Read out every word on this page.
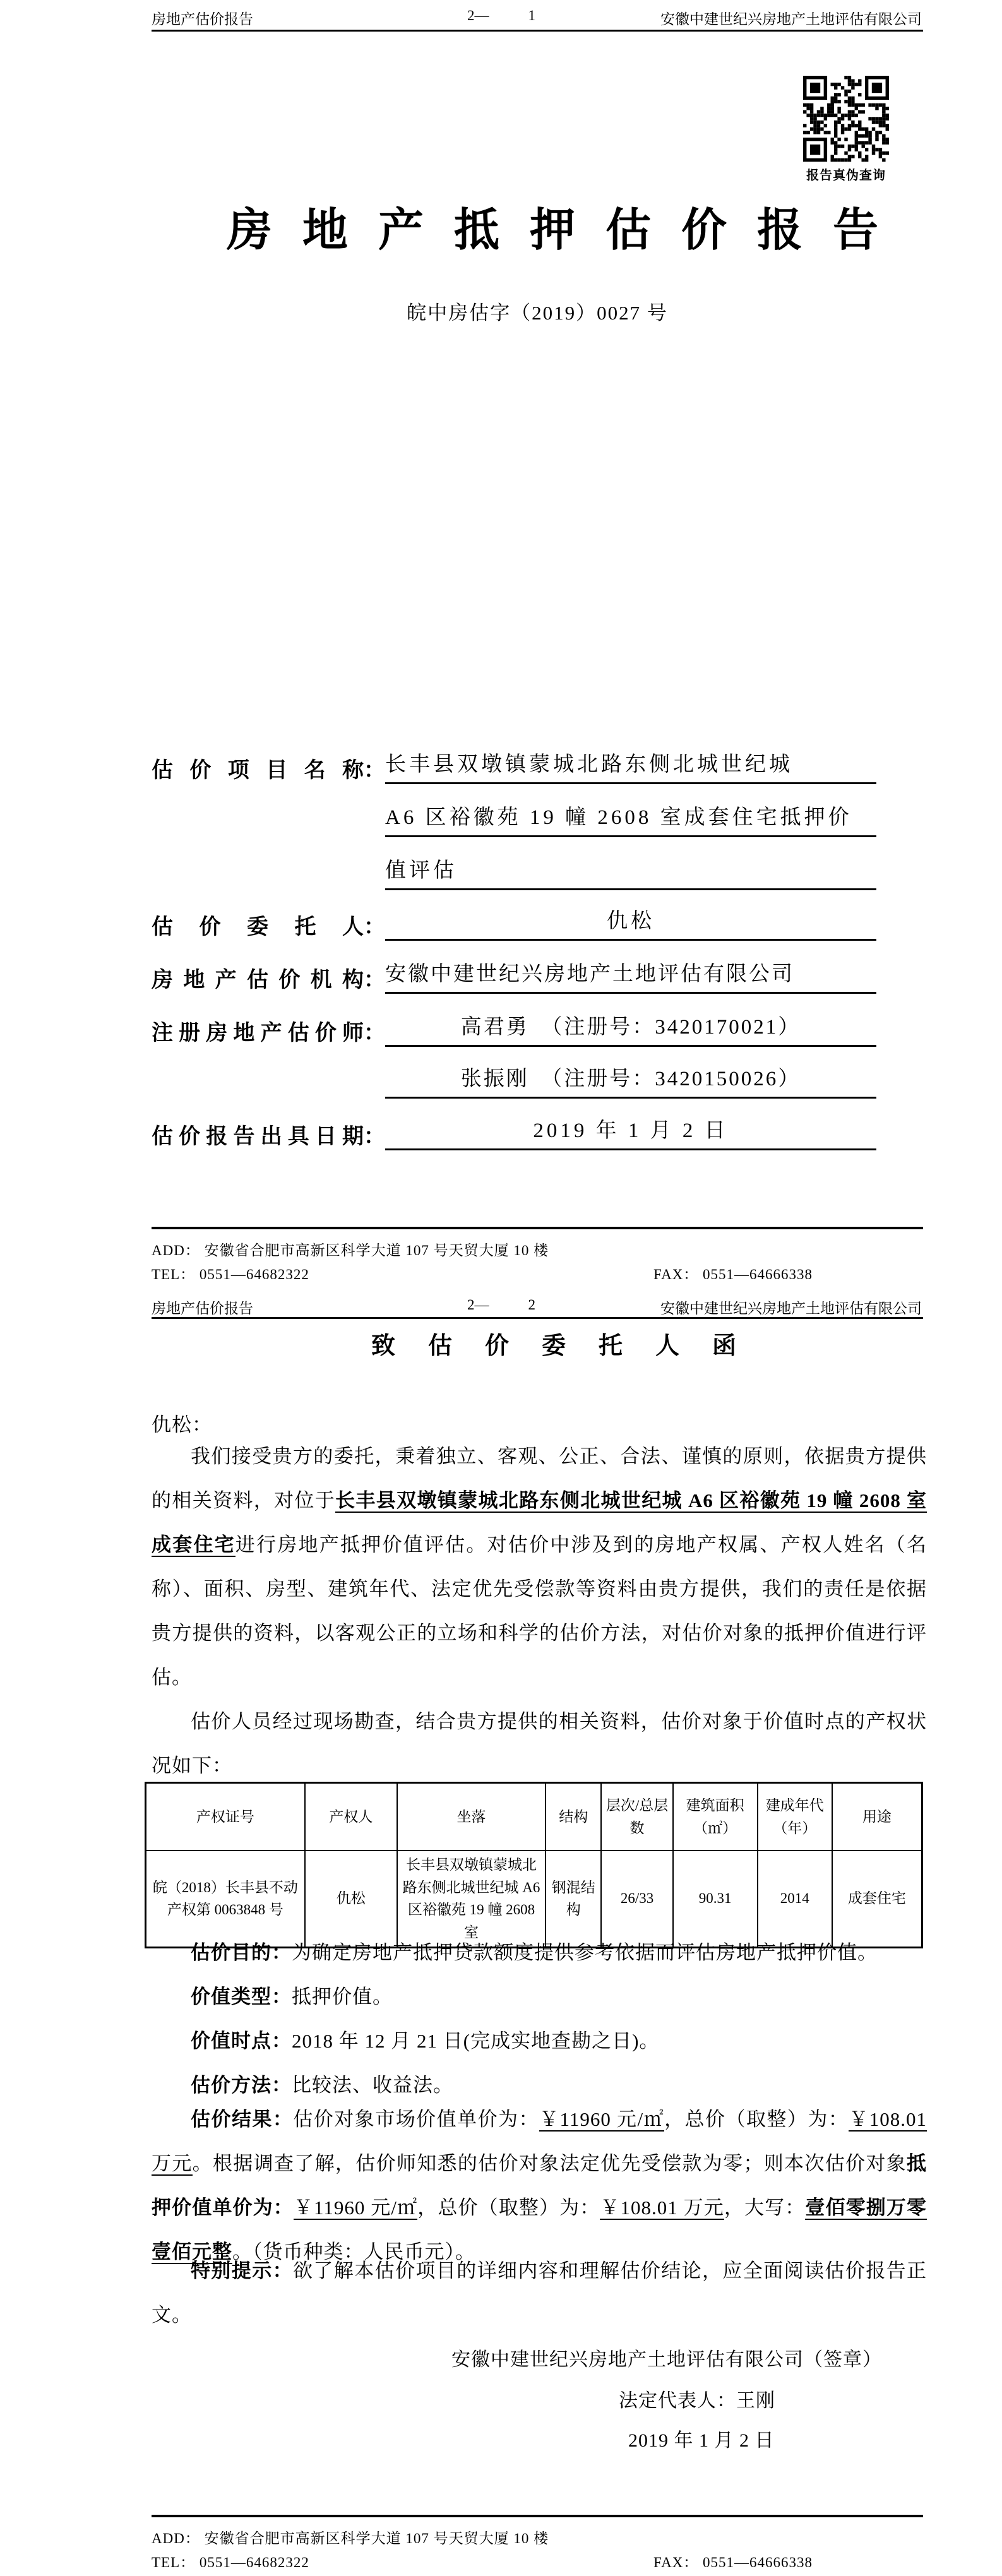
房地产估价报告	2—	1	安徽中建世纪兴房地产土地评估有限公司
报告真伪查询
房地产抵押估价报告
皖中房估字（2019）0027 号
估价项目名称 ： 长丰县双墩镇蒙城北路东侧北城世纪城
A6 区裕徽苑 19 幢 2608 室成套住宅抵押价
值评估
估价委托人 ：	仇松
房地产估价机构 ： 安徽中建世纪兴房地产土地评估有限公司
注册房地产估价师 ：	高君勇　（注册号：3420170021）
张振刚　（注册号：3420150026）
估价报告出具日期 ：	2019 年 1 月 2 日
ADD： 安徽省合肥市高新区科学大道 107 号天贸大厦 10 楼
TEL： 0551—64682322	FAX： 0551—64666338
房地产估价报告	2—	2	安徽中建世纪兴房地产土地评估有限公司
致估价委托人函
仇松：
我们接受贵方的委托，秉着独立、客观、公正、合法、谨慎的原则，依据贵方提供的相关资料，对位于长丰县双墩镇蒙城北路东侧北城世纪城 A6 区裕徽苑 19 幢 2608 室成套住宅进行房地产抵押价值评估。对估价中涉及到的房地产权属、产权人姓名（名称）、面积、房型、建筑年代、法定优先受偿款等资料由贵方提供，我们的责任是依据贵方提供的资料，以客观公正的立场和科学的估价方法，对估价对象的抵押价值进行评估。
估价人员经过现场勘查，结合贵方提供的相关资料，估价对象于价值时点的产权状况如下：
产权证号	产权人	坐落	结构	层次/总层数	建筑面积（㎡）	建成年代（年）	用途
皖（2018）长丰县不动产权第 0063848 号	仇松	长丰县双墩镇蒙城北路东侧北城世纪城 A6 区裕徽苑 19 幢 2608 室	钢混结构	26/33	90.31	2014	成套住宅
估价目的：为确定房地产抵押贷款额度提供参考依据而评估房地产抵押价值。
价值类型：抵押价值。
价值时点：2018 年 12 月 21 日(完成实地查勘之日)。
估价方法：比较法、收益法。
估价结果：估价对象市场价值单价为：￥11960 元/㎡，总价（取整）为：￥108.01万元。根据调查了解，估价师知悉的估价对象法定优先受偿款为零；则本次估价对象抵押价值单价为：￥11960 元/㎡，总价（取整）为：￥108.01 万元，大写：壹佰零捌万零壹佰元整。（货币种类：人民币元）。
特别提示：欲了解本估价项目的详细内容和理解估价结论，应全面阅读估价报告正文。
安徽中建世纪兴房地产土地评估有限公司（签章）
法定代表人：王刚
2019 年 1 月 2 日
ADD： 安徽省合肥市高新区科学大道 107 号天贸大厦 10 楼
TEL： 0551—64682322	FAX： 0551—64666338
